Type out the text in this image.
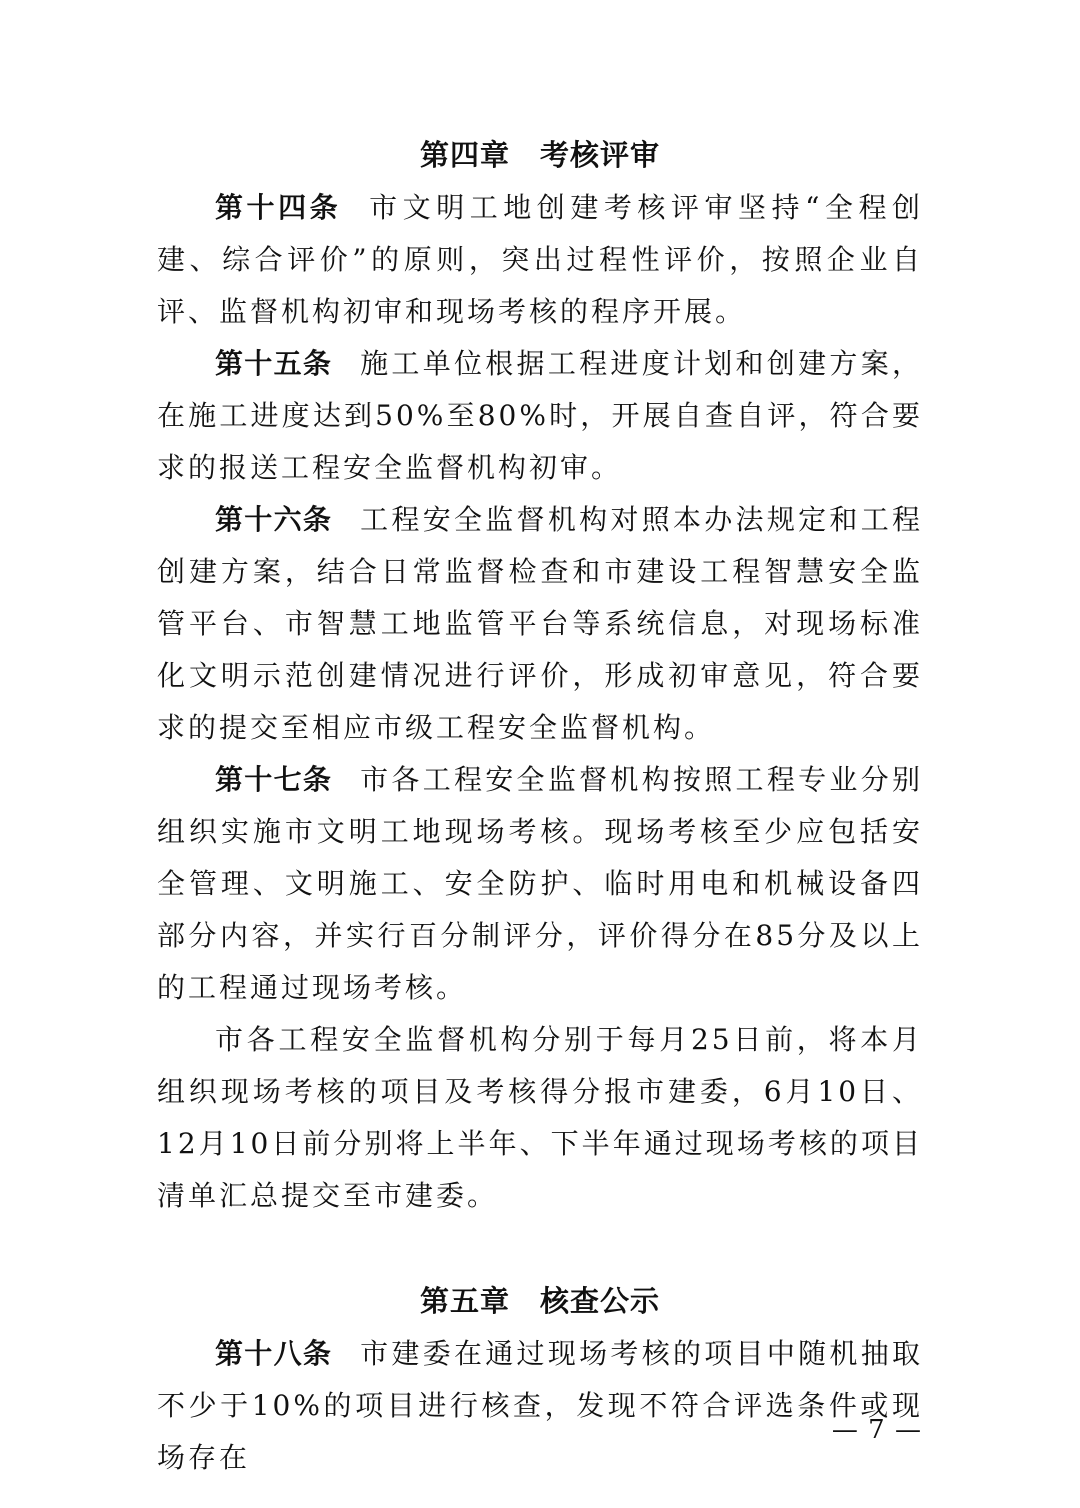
第四章 考核评审

第十四条 市文明工地创建考核评审坚持“全程创建、综合评价”的原则，突出过程性评价，按照企业自评、监督机构初审和现场考核的程序开展。

第十五条 施工单位根据工程进度计划和创建方案，在施工进度达到50%至80%时，开展自查自评，符合要求的报送工程安全监督机构初审。

第十六条 工程安全监督机构对照本办法规定和工程创建方案，结合日常监督检查和市建设工程智慧安全监管平台、市智慧工地监管平台等系统信息，对现场标准化文明示范创建情况进行评价，形成初审意见，符合要求的提交至相应市级工程安全监督机构。

第十七条 市各工程安全监督机构按照工程专业分别组织实施市文明工地现场考核。现场考核至少应包括安全管理、文明施工、安全防护、临时用电和机械设备四部分内容，并实行百分制评分，评价得分在85分及以上的工程通过现场考核。

市各工程安全监督机构分别于每月25日前，将本月组织现场考核的项目及考核得分报市建委，6月10日、12月10日前分别将上半年、下半年通过现场考核的项目清单汇总提交至市建委。

第五章 核查公示

第十八条 市建委在通过现场考核的项目中随机抽取不少于10%的项目进行核查，发现不符合评选条件或现场存在

— 7 —
